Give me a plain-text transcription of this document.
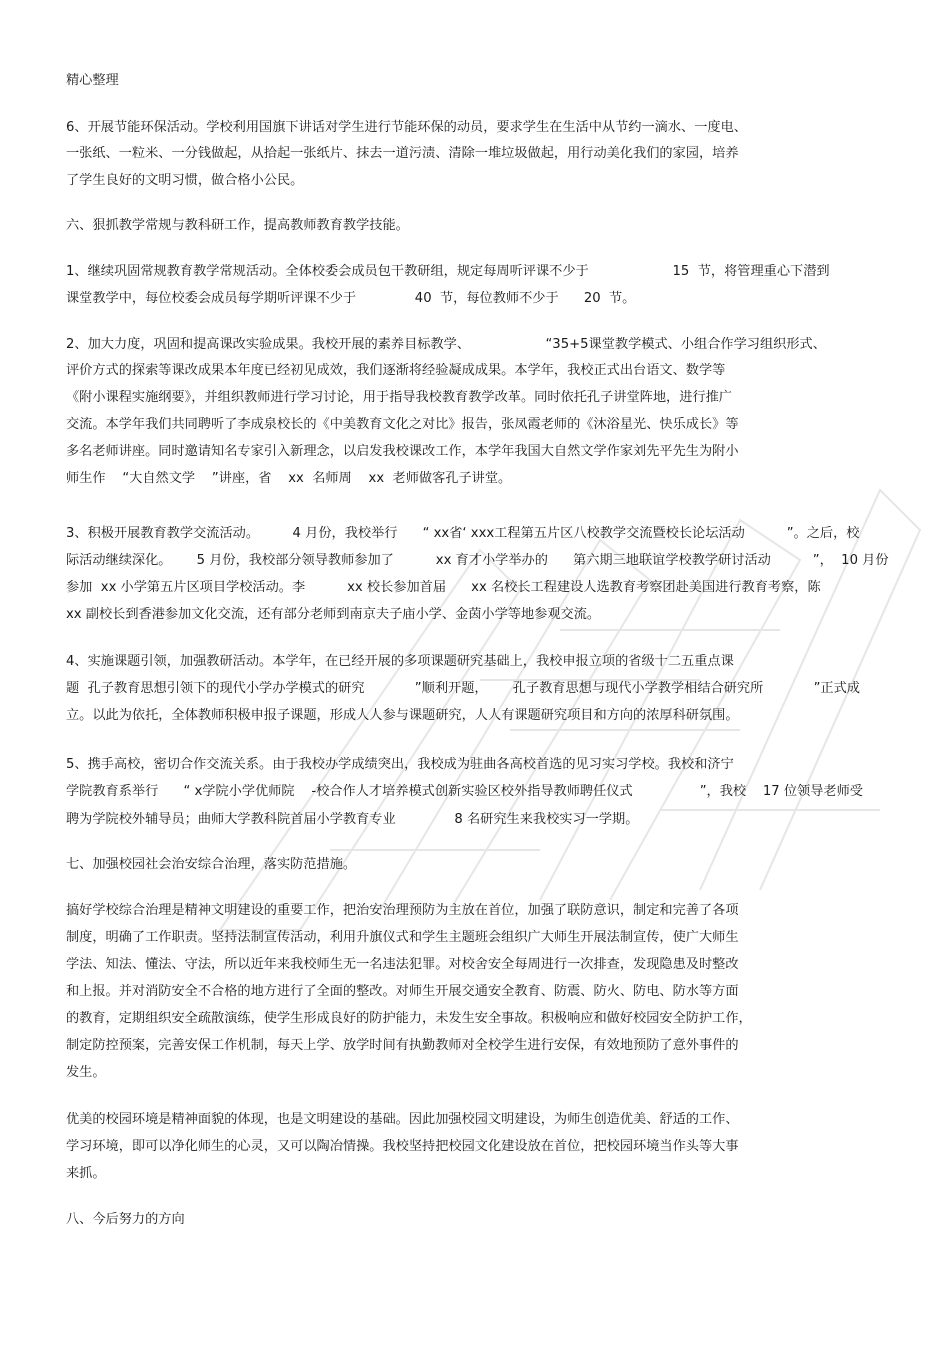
精心整理

6、开展节能环保活动。学校利用国旗下讲话对学生进行节能环保的动员，要求学生在生活中从节约一滴水、一度电、

一张纸、一粒米、一分钱做起，从拾起一张纸片、抹去一道污渍、清除一堆垃圾做起，用行动美化我们的家园，培养

了学生良好的文明习惯，做合格小公民。

六、狠抓教学常规与教科研工作，提高教师教育教学技能。

1、继续巩固常规教育教学常规活动。全体校委会成员包干教研组，规定每周听评课不少于                    15  节，将管理重心下潜到

课堂教学中，每位校委会成员每学期听评课不少于              40  节，每位教师不少于      20  节。

2、加大力度，巩固和提高课改实验成果。我校开展的素养目标教学、                  “35+5课堂教学模式、小组合作学习组织形式、

评价方式的探索等课改成果本年度已经初见成效，我们逐渐将经验凝成成果。本学年，我校正式出台语文、数学等

《附小课程实施纲要》，并组织教师进行学习讨论，用于指导我校教育教学改革。同时依托孔子讲堂阵地，进行推广

交流。本学年我们共同聘听了李成泉校长的《中美教育文化之对比》报告，张凤霞老师的《沐浴星光、快乐成长》等

多名老师讲座。同时邀请知名专家引入新理念，以启发我校课改工作，本学年我国大自然文学作家刘先平先生为附小

师生作    “大自然文学    ”讲座，省    xx  名师周    xx  老师做客孔子讲堂。

3、积极开展教育教学交流活动。        4 月份，我校举行      “ xx省‘ xxx工程第五片区八校教学交流暨校长论坛活动          ”。之后，校

际活动继续深化。      5 月份，我校部分领导教师参加了          xx 育才小学举办的      第六期三地联谊学校教学研讨活动          ”，  10 月份

参加  xx 小学第五片区项目学校活动。李          xx 校长参加首届      xx 名校长工程建设人选教育考察团赴美国进行教育考察，陈

xx 副校长到香港参加文化交流，还有部分老师到南京夫子庙小学、金茵小学等地参观交流。

4、实施课题引领，加强教研活动。本学年，在已经开展的多项课题研究基础上，我校申报立项的省级十二五重点课

题  孔子教育思想引领下的现代小学办学模式的研究            ”顺利开题，      孔子教育思想与现代小学教学相结合研究所            ”正式成

立。以此为依托，全体教师积极申报子课题，形成人人参与课题研究，人人有课题研究项目和方向的浓厚科研氛围。

5、携手高校，密切合作交流关系。由于我校办学成绩突出，我校成为驻曲各高校首选的见习实习学校。我校和济宁

学院教育系举行      “ x学院小学优师院    -校合作人才培养模式创新实验区校外指导教师聘任仪式                ”，我校    17 位领导老师受

聘为学院校外辅导员；曲师大学教科院首届小学教育专业              8 名研究生来我校实习一学期。

七、加强校园社会治安综合治理，落实防范措施。

搞好学校综合治理是精神文明建设的重要工作，把治安治理预防为主放在首位，加强了联防意识，制定和完善了各项

制度，明确了工作职责。坚持法制宣传活动，利用升旗仪式和学生主题班会组织广大师生开展法制宣传，使广大师生

学法、知法、懂法、守法，所以近年来我校师生无一名违法犯罪。对校舍安全每周进行一次排查，发现隐患及时整改

和上报。并对消防安全不合格的地方进行了全面的整改。对师生开展交通安全教育、防震、防火、防电、防水等方面

的教育，定期组织安全疏散演练，使学生形成良好的防护能力，未发生安全事故。积极响应和做好校园安全防护工作，

制定防控预案，完善安保工作机制，每天上学、放学时间有执勤教师对全校学生进行安保，有效地预防了意外事件的

发生。

优美的校园环境是精神面貌的体现，也是文明建设的基础。因此加强校园文明建设，为师生创造优美、舒适的工作、

学习环境，即可以净化师生的心灵，又可以陶冶情操。我校坚持把校园文化建设放在首位，把校园环境当作头等大事

来抓。

八、今后努力的方向
